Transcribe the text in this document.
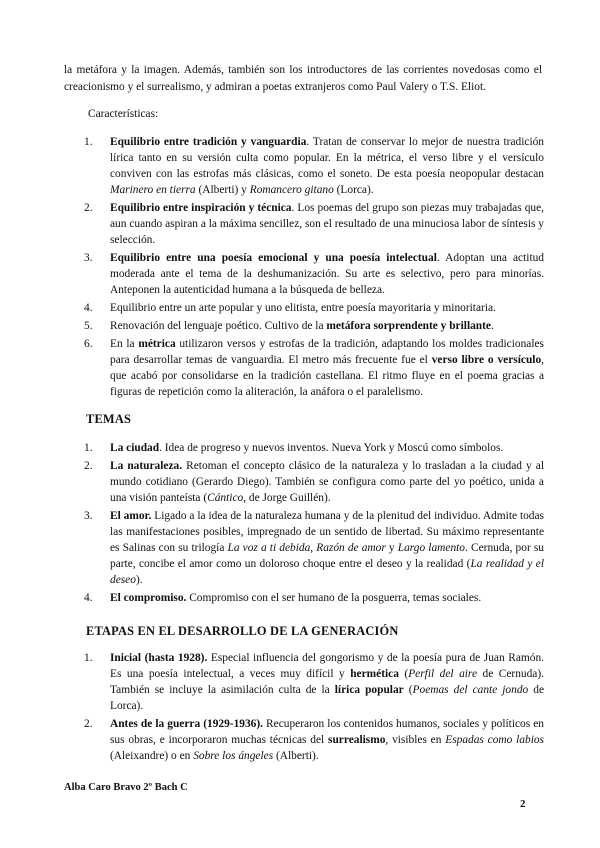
la metáfora y la imagen. Además, también son los introductores de las corrientes novedosas como el creacionismo y el surrealismo, y admiran a poetas extranjeros como Paul Valery o T.S. Eliot.

Características:

1.	Equilibrio entre tradición y vanguardia. Tratan de conservar lo mejor de nuestra tradición lírica tanto en su versión culta como popular. En la métrica, el verso libre y el versículo conviven con las estrofas más clásicas, como el soneto. De esta poesía neopopular destacan Marinero en tierra (Alberti) y Romancero gitano (Lorca).
2.	Equilibrio entre inspiración y técnica. Los poemas del grupo son piezas muy trabajadas que, aun cuando aspiran a la máxima sencillez, son el resultado de una minuciosa labor de síntesis y selección.
3.	Equilibrio entre una poesía emocional y una poesía intelectual. Adoptan una actitud moderada ante el tema de la deshumanización. Su arte es selectivo, pero para minorías. Anteponen la autenticidad humana a la búsqueda de belleza.
4.	Equilibrio entre un arte popular y uno elitista, entre poesía mayoritaria y minoritaria.
5.	Renovación del lenguaje poético. Cultivo de la metáfora sorprendente y brillante.
6.	En la métrica utilizaron versos y estrofas de la tradición, adaptando los moldes tradicionales para desarrollar temas de vanguardia. El metro más frecuente fue el verso libre o versículo, que acabó por consolidarse en la tradición castellana. El ritmo fluye en el poema gracias a figuras de repetición como la aliteración, la anáfora o el paralelismo.
TEMAS
1.	La ciudad. Idea de progreso y nuevos inventos. Nueva York y Moscú como símbolos.
2.	La naturaleza. Retoman el concepto clásico de la naturaleza y lo trasladan a la ciudad y al mundo cotidiano (Gerardo Diego). También se configura como parte del yo poético, unida a una visión panteísta (Cántico, de Jorge Guillén).
3.	El amor. Ligado a la idea de la naturaleza humana y de la plenitud del individuo. Admite todas las manifestaciones posibles, impregnado de un sentido de libertad. Su máximo representante es Salinas con su trilogía La voz a ti debida, Razón de amor y Largo lamento. Cernuda, por su parte, concibe el amor como un doloroso choque entre el deseo y la realidad (La realidad y el deseo).
4.	El compromiso. Compromiso con el ser humano de la posguerra, temas sociales.
ETAPAS EN EL DESARROLLO DE LA GENERACIÓN
1.	Inicial (hasta 1928). Especial influencia del gongorismo y de la poesía pura de Juan Ramón. Es una poesía intelectual, a veces muy difícil y hermética (Perfil del aire de Cernuda). También se incluye la asimilación culta de la lírica popular (Poemas del cante jondo de Lorca).
2.	Antes de la guerra (1929-1936). Recuperaron los contenidos humanos, sociales y políticos en sus obras, e incorporaron muchas técnicas del surrealismo, visibles en Espadas como labios (Aleixandre) o en Sobre los ángeles (Alberti).

Alba Caro Bravo 2º Bach C

2
